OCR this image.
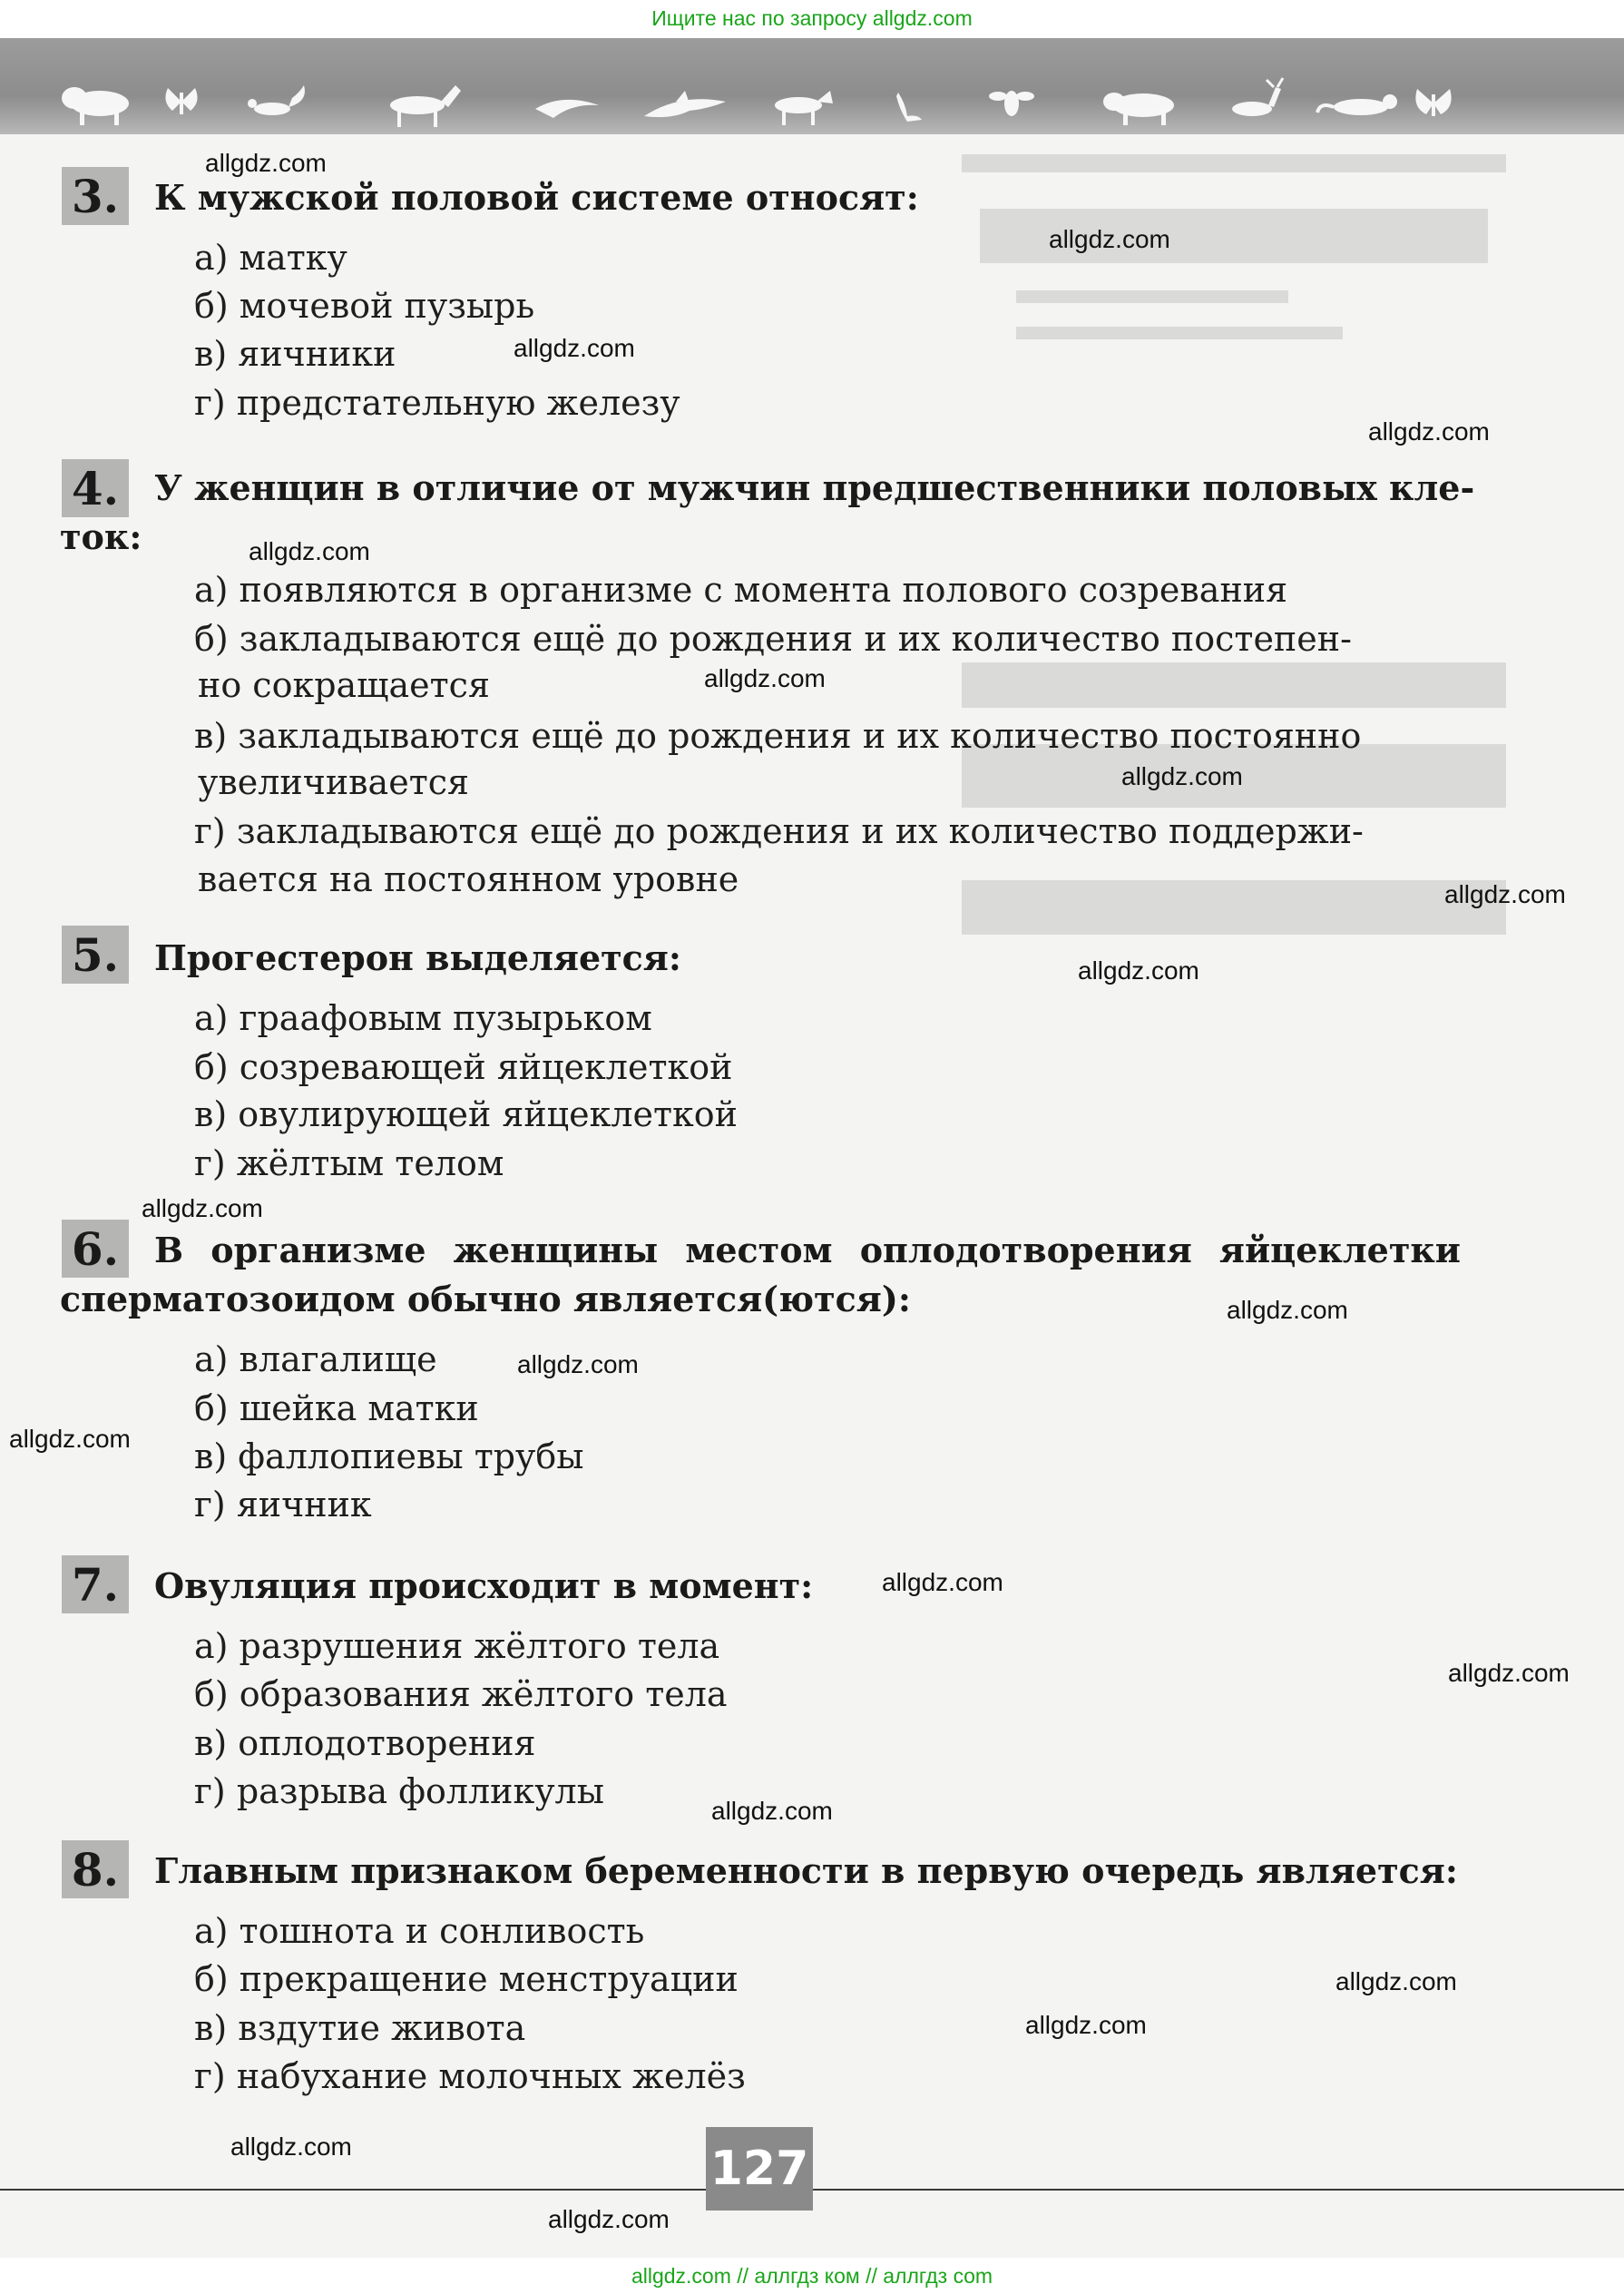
Ищите нас по запросу allgdz.com
3. К мужской половой системе относят:
а) матку
б) мочевой пузырь
в) яичники
г) предстательную железу
4. У женщин в отличие от мужчин предшественники половых кле-
ток:
а) появляются в организме с момента полового созревания
б) закладываются ещё до рождения и их количество постепен-
но сокращается
в) закладываются ещё до рождения и их количество постоянно
увеличивается
г) закладываются ещё до рождения и их количество поддержи-
вается на постоянном уровне
5. Прогестерон выделяется:
а) граафовым пузырьком
б) созревающей яйцеклеткой
в) овулирующей яйцеклеткой
г) жёлтым телом
6. В организме женщины местом оплодотворения яйцеклетки
сперматозоидом обычно является(ются):
а) влагалище
б) шейка матки
в) фаллопиевы трубы
г) яичник
7. Овуляция происходит в момент:
а) разрушения жёлтого тела
б) образования жёлтого тела
в) оплодотворения
г) разрыва фолликулы
8. Главным признаком беременности в первую очередь является:
а) тошнота и сонливость
б) прекращение менструации
в) вздутие живота
г) набухание молочных желёз
allgdz.com
allgdz.com
allgdz.com
allgdz.com
allgdz.com
allgdz.com
allgdz.com
allgdz.com
allgdz.com
allgdz.com
allgdz.com
allgdz.com
allgdz.com
allgdz.com
allgdz.com
allgdz.com
allgdz.com
allgdz.com
allgdz.com
allgdz.com
127
allgdz.com // аллгдз ком // аллгдз com
